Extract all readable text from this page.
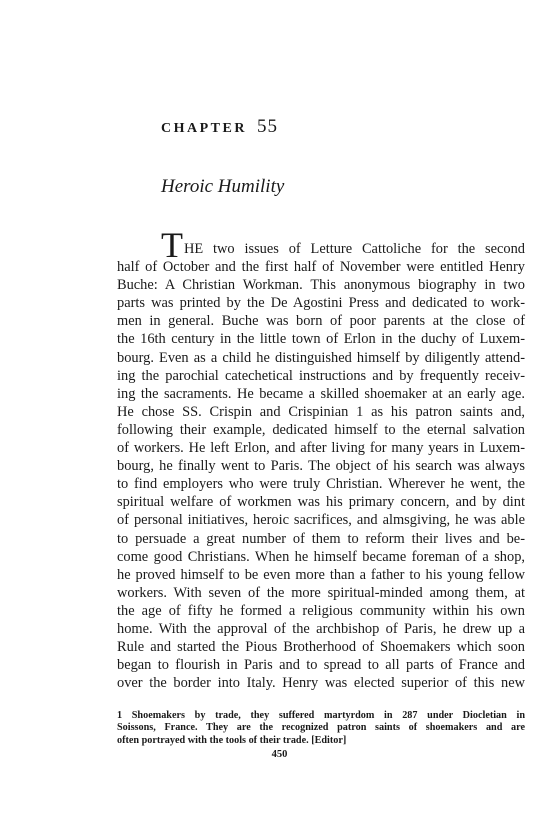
CHAPTER 55
Heroic Humility
T HE two issues of Letture Cattoliche for the second
half of October and the first half of November were entitled Henry
Buche: A Christian Workman. This anonymous biography in two
parts was printed by the De Agostini Press and dedicated to work-
men in general. Buche was born of poor parents at the close of
the 16th century in the little town of Erlon in the duchy of Luxem-
bourg. Even as a child he distinguished himself by diligently attend-
ing the parochial catechetical instructions and by frequently receiv-
ing the sacraments. He became a skilled shoemaker at an early age.
He chose SS. Crispin and Crispinian 1 as his patron saints and,
following their example, dedicated himself to the eternal salvation
of workers. He left Erlon, and after living for many years in Luxem-
bourg, he finally went to Paris. The object of his search was always
to find employers who were truly Christian. Wherever he went, the
spiritual welfare of workmen was his primary concern, and by dint
of personal initiatives, heroic sacrifices, and almsgiving, he was able
to persuade a great number of them to reform their lives and be-
come good Christians. When he himself became foreman of a shop,
he proved himself to be even more than a father to his young fellow
workers. With seven of the more spiritual-minded among them, at
the age of fifty he formed a religious community within his own
home. With the approval of the archbishop of Paris, he drew up a
Rule and started the Pious Brotherhood of Shoemakers which soon
began to flourish in Paris and to spread to all parts of France and
over the border into Italy. Henry was elected superior of this new
1 Shoemakers by trade, they suffered martyrdom in 287 under Diocletian in
Soissons, France. They are the recognized patron saints of shoemakers and are
often portrayed with the tools of their trade. [Editor]
450
